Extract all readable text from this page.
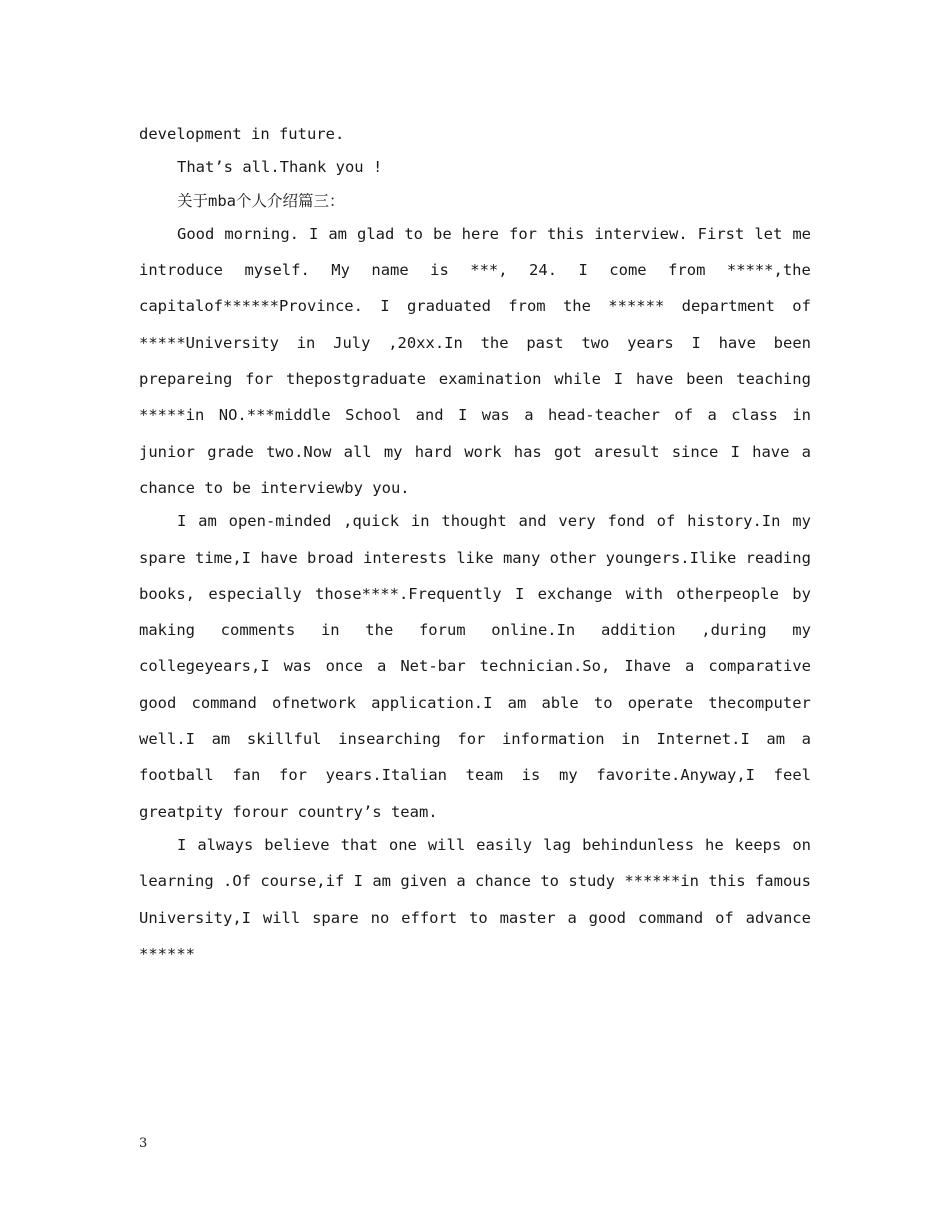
development in future.
That’s all.Thank you !
关于mba个人介绍篇三：
Good morning. I am glad to be here for this interview. First let me
introduce myself. My name is ***, 24. I come from *****,the
capitalof******Province. I graduated from the ****** department of
*****University in July ,20xx.In the past two years I have been
prepareing for thepostgraduate examination while I have been teaching
*****in NO.***middle School and I was a head-teacher of a class in
junior grade two.Now all my hard work has got aresult since I have a
chance to be interviewby you.
I am open-minded ,quick in thought and very fond of history.In my
spare time,I have broad interests like many other youngers.Ilike reading
books, especially those****.Frequently I exchange with otherpeople by
making comments in the forum online.In addition ,during my
collegeyears,I was once a Net-bar technician.So, Ihave a comparative
good command ofnetwork application.I am able to operate thecomputer
well.I am skillful insearching for information in Internet.I am a
football fan for years.Italian team is my favorite.Anyway,I feel
greatpity forour country’s team.
I always believe that one will easily lag behindunless he keeps on
learning .Of course,if I am given a chance to study ******in this famous
University,I will spare no effort to master a good command of advance
******
3
